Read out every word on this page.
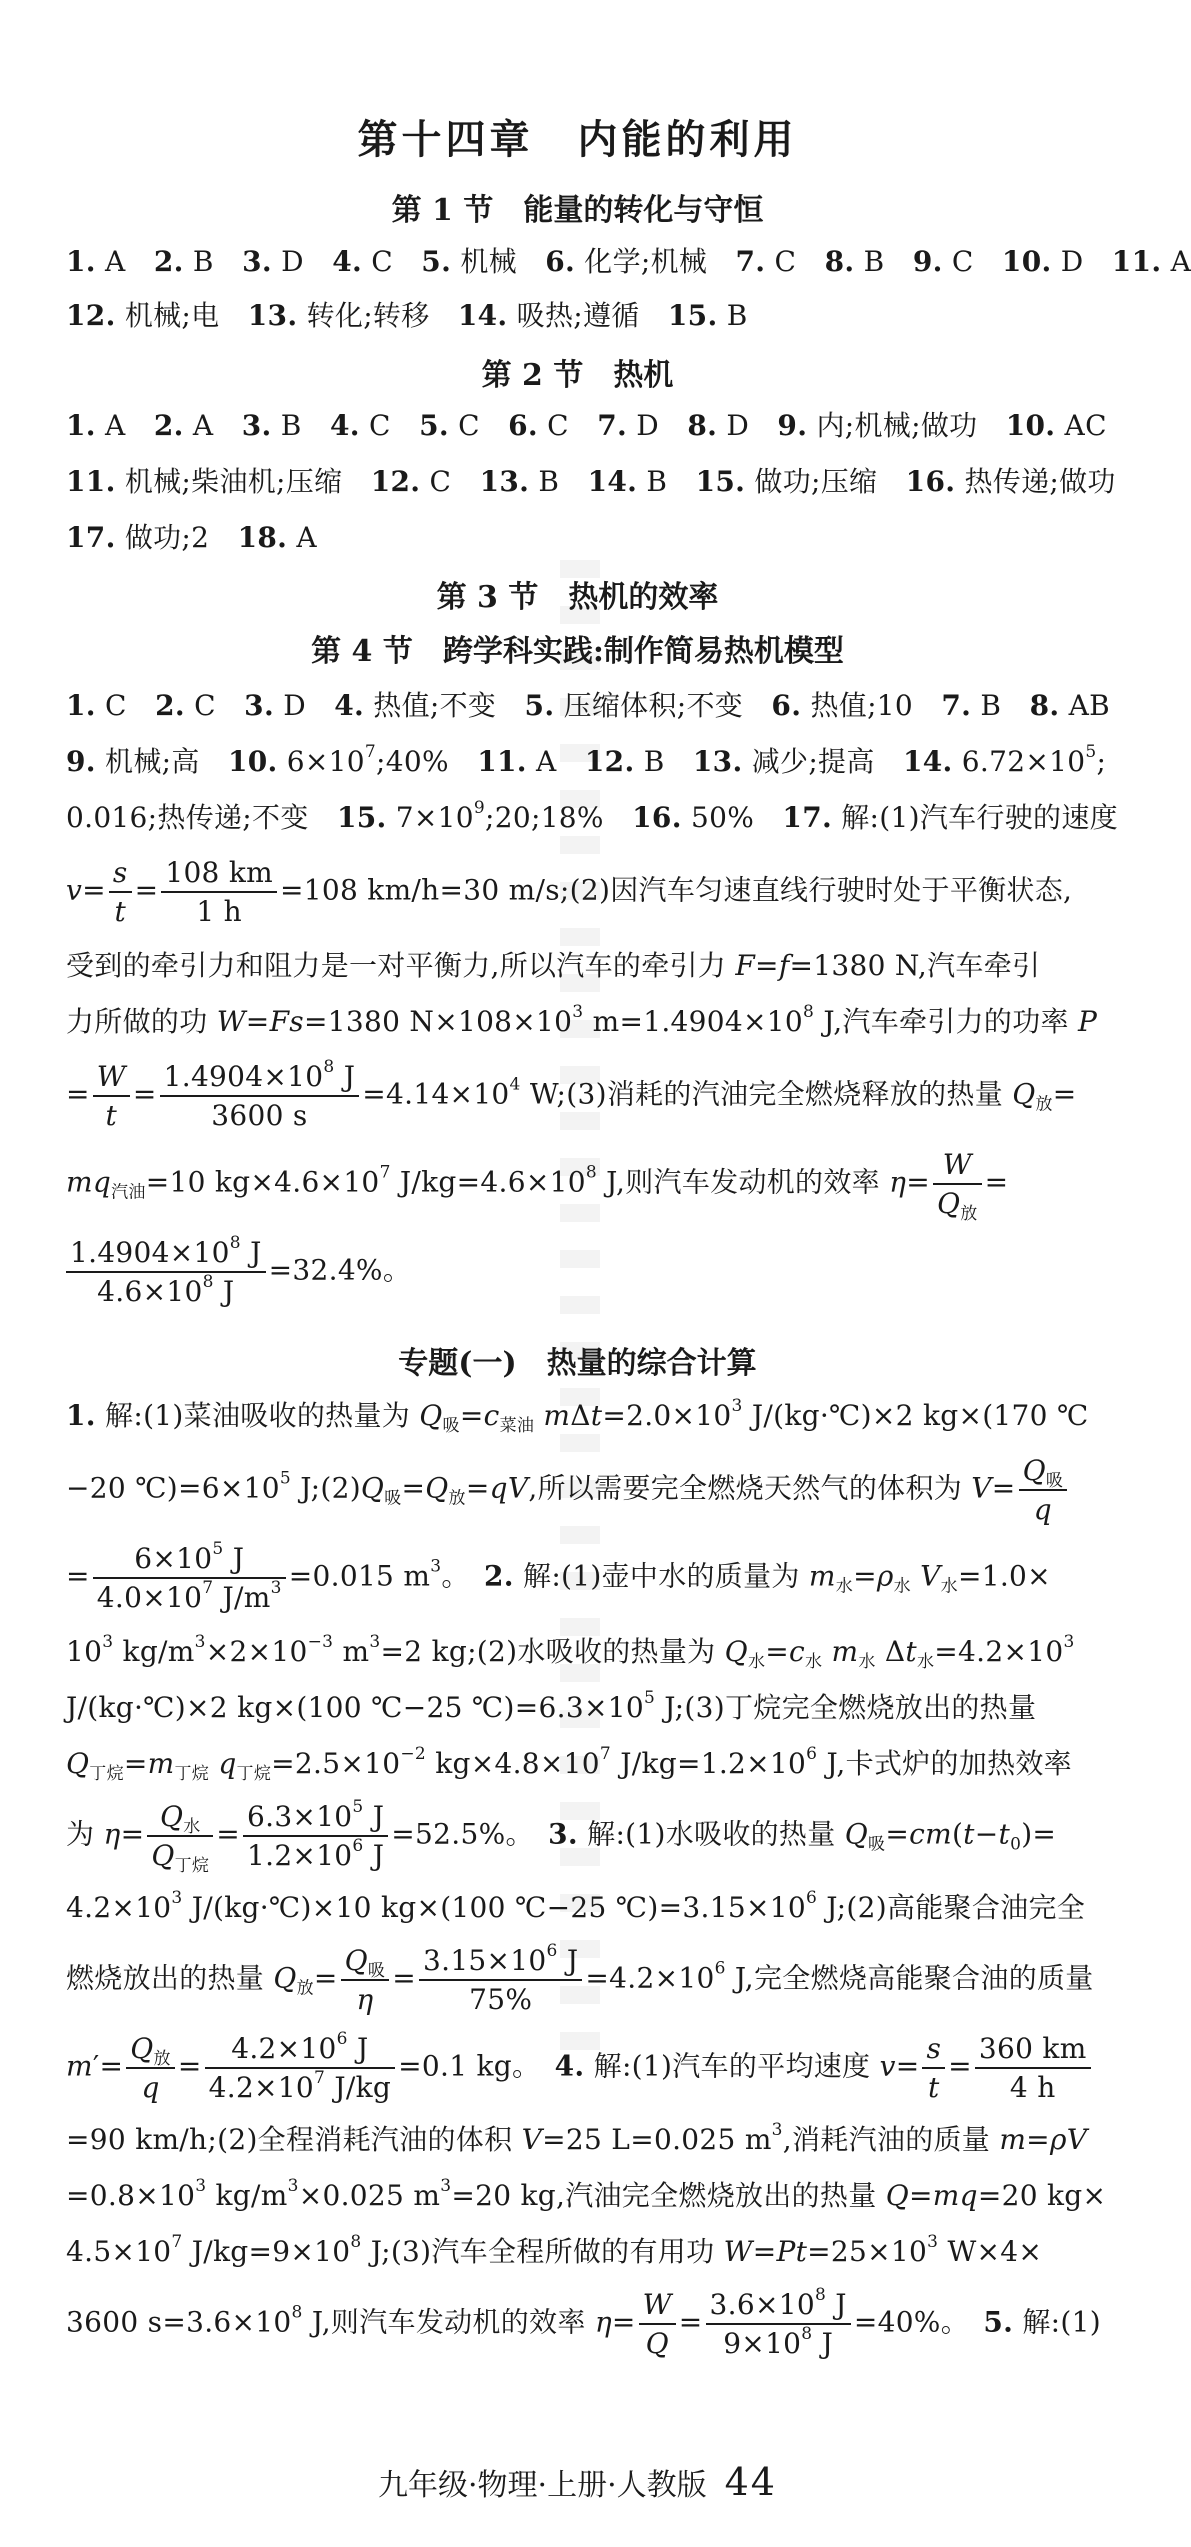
第十四章　内能的利用
第 1 节　能量的转化与守恒
1. A　2. B　3. D　4. C　5. 机械　6. 化学;机械　7. C　8. B　9. C　10. D　11. A
12. 机械;电　13. 转化;转移　14. 吸热;遵循　15. B
第 2 节　热机
1. A　2. A　3. B　4. C　5. C　6. C　7. D　8. D　9. 内;机械;做功　10. AC
11. 机械;柴油机;压缩　12. C　13. B　14. B　15. 做功;压缩　16. 热传递;做功
17. 做功;2　18. A
第 3 节　热机的效率
第 4 节　跨学科实践:制作简易热机模型
1. C　2. C　3. D　4. 热值;不变　5. 压缩体积;不变　6. 热值;10　7. B　8. AB
9. 机械;高　10. $6\times 10^7;40\%$　11. A　12. B　13. 减少;提高　14. $6.72\times 10^5$;
0.016;热传递;不变　15. $7\times 10^9;20;18\%$　16. 50%　17. 解:(1)汽车行驶的速度
$v= \frac{s}{t} = \frac{108 km}{1 h} =108$ km/h=30 m/s;(2)因汽车匀速直线行驶时处于平衡状态,
受到的牵引力和阻力是一对平衡力,所以汽车的牵引力 F=f=1380 N,汽车牵引
力所做的功 W=Fs=1380 $N\times 108\times 10^3$ $m=1.4904\times 10^8$ J,汽车牵引力的功率 P
= $\frac{W}{t} = \frac{1.4904\times 10^8 J}{3600 s} =4.14\times 10^4$ W;(3)消耗的汽油完全燃烧释放的热量 $Q_放=$
$mq_{汽油}=10$ $kg\times 4.6\times 10^7$ $J/kg=4.6\times 10^8$ J,则汽车发动机的效率 $\eta= \frac{W}{Q_放}$ =
$\frac{1.4904\times 10^8 J}{4.6\times 10^8 J} =32.4\%$。
专题(一)　热量的综合计算
1. 解:(1)菜油吸收的热量为 $Q_吸=c_{菜油}$ $m\Delta t=2.0\times 10^3$ J/(kg·℃)×2 kg×(170 ℃
−20 $℃)=6\times 10^5$ $J;(2)Q_吸=Q_放=qV$,所以需要完全燃烧天然气的体积为 $V= \frac{Q_吸}{q}$
= $\frac{6\times 10^5 J}{4.0\times 10^7 J/m^3} =0.015$ $m^3$。　2. 解:(1)壶中水的质量为 $m_水=\rho_水$ $V_水=1.0\times$
$10^3$ $kg/m^3\times 2\times 10^{-3}$ $m^3=2$ kg;(2)水吸收的热量为 $Q_水=c_水$ $m_水$ $\Delta t_水=4.2\times 10^3$
J/(kg·℃)×2 kg×(100 ℃−25 $℃)=6.3\times 10^5$ J;(3)丁烷完全燃烧放出的热量
$Q_{丁烷}=m_{丁烷}$ $q_{丁烷}=2.5\times 10^{-2}$ $kg\times 4.8\times 10^7$ $J/kg=1.2\times 10^6$ J,卡式炉的加热效率
为 $\eta= \frac{Q_水}{Q_{丁烷}} = \frac{6.3\times 10^5 J}{1.2\times 10^6 J} =52.5\%$。　3. 解:(1)水吸收的热量 $Q_吸=cm(t-t_0)=$
$4.2\times 10^3$ J/(kg·℃)×10 kg×(100 ℃−25 $℃)=3.15\times 10^6$ J;(2)高能聚合油完全
燃烧放出的热量 $Q_放= \frac{Q_吸}{\eta} = \frac{3.15\times 10^6 J}{75\%} =4.2\times 10^6$ J,完全燃烧高能聚合油的质量
$m'= \frac{Q_放}{q} = \frac{4.2\times 10^6 J}{4.2\times 10^7 J/kg} =0.1$ kg。　4. 解:(1)汽车的平均速度 $v= \frac{s}{t} = \frac{360 km}{4 h}$
=90 km/h;(2)全程消耗汽油的体积 V=25 L=0.025 $m^3$,消耗汽油的质量 m=ρV
$=0.8\times 10^3$ $kg/m^3\times 0.025$ $m^3=20$ kg,汽油完全燃烧放出的热量 Q=mq=20 kg×
$4.5\times 10^7$ $J/kg=9\times 10^8$ J;(3)汽车全程所做的有用功 $W=Pt=25\times 10^3$ W×4×
3600 $s=3.6\times 10^8$ J,则汽车发动机的效率 $\eta= \frac{W}{Q} = \frac{3.6\times 10^8 J}{9\times 10^8 J} =40\%$。　5. 解:(1)
九年级·物理·上册·人教版 44
